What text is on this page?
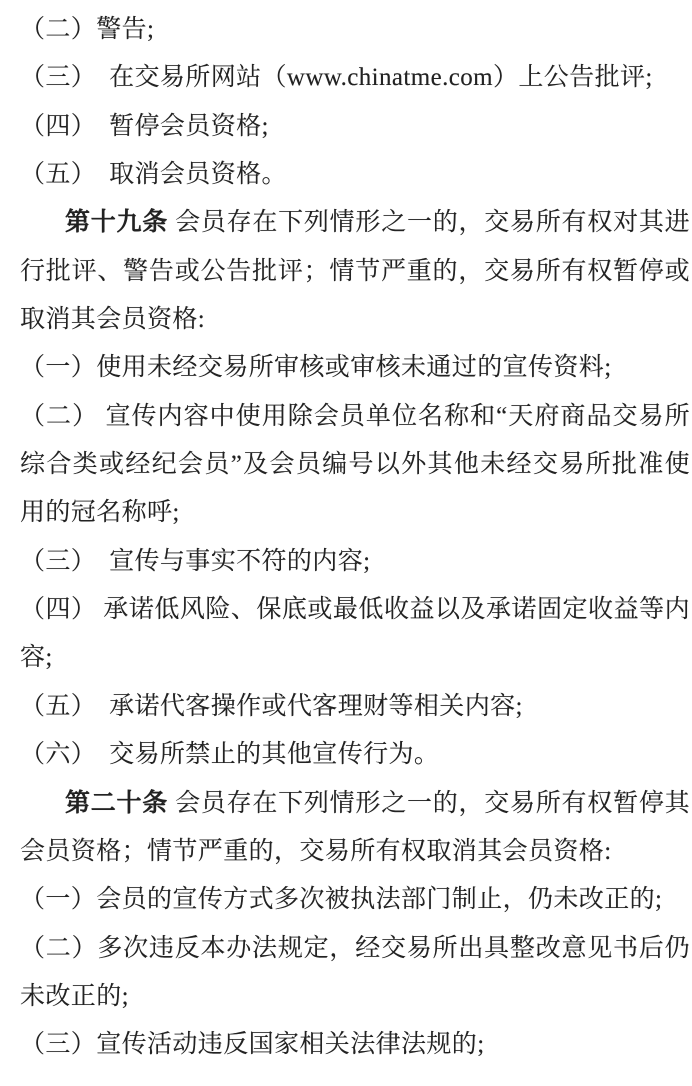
（二）警告;
（三）　在交易所网站（www.chinatme.com）上公告批评;
（四）　暂停会员资格;
（五）　取消会员资格。
第十九条 会员存在下列情形之一的，交易所有权对其进
行批评、警告或公告批评；情节严重的，交易所有权暂停或
取消其会员资格:
（一）使用未经交易所审核或审核未通过的宣传资料;
（二） 宣传内容中使用除会员单位名称和“天府商品交易所
综合类或经纪会员”及会员编号以外其他未经交易所批准使
用的冠名称呼;
（三）　宣传与事实不符的内容;
（四） 承诺低风险、保底或最低收益以及承诺固定收益等内
容;
（五）　承诺代客操作或代客理财等相关内容;
（六）　交易所禁止的其他宣传行为。
第二十条 会员存在下列情形之一的，交易所有权暂停其
会员资格；情节严重的，交易所有权取消其会员资格:
（一）会员的宣传方式多次被执法部门制止，仍未改正的;
（二）多次违反本办法规定，经交易所出具整改意见书后仍
未改正的;
（三）宣传活动违反国家相关法律法规的;
